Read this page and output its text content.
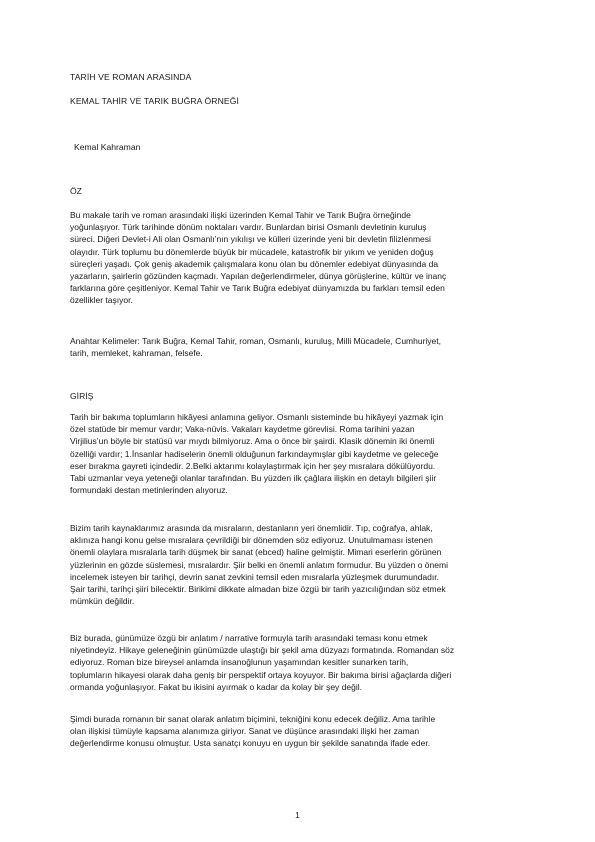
TARİH VE ROMAN ARASINDA
KEMAL TAHİR VE TARIK BUĞRA ÖRNEĞİ
Kemal Kahraman
ÖZ
Bu makale tarih ve roman arasındaki ilişki üzerinden Kemal Tahir ve Tarık Buğra örneğinde
yoğunlaşıyor. Türk tarihinde dönüm noktaları vardır. Bunlardan birisi Osmanlı devletinin kuruluş
süreci. Diğeri Devlet-i Ali olan Osmanlı’nın yıkılışı ve külleri üzerinde yeni bir devletin filizlenmesi
olayıdır. Türk toplumu bu dönemlerde büyük bir mücadele, katastrofik bir yıkım ve yeniden doğuş
süreçleri yaşadı. Çok geniş akademik çalışmalara konu olan bu dönemler edebiyat dünyasında da
yazarların, şairlerin gözünden kaçmadı. Yapılan değerlendirmeler, dünya görüşlerine, kültür ve inanç
farklarına göre çeşitleniyor. Kemal Tahir ve Tarık Buğra edebiyat dünyamızda bu farkları temsil eden
özellikler taşıyor.
Anahtar Kelimeler: Tarık Buğra, Kemal Tahir, roman, Osmanlı, kuruluş, Milli Mücadele, Cumhuriyet,
tarih, memleket, kahraman, felsefe.
GİRİŞ
Tarih bir bakıma toplumların hikâyesi anlamına geliyor. Osmanlı sisteminde bu hikâyeyi yazmak için
özel statüde bir memur vardır; Vaka-nüvis. Vakaları kaydetme görevlisi. Roma tarihini yazan
Virjilius’un böyle bir statüsü var mıydı bilmiyoruz. Ama o önce bir şairdi. Klasik dönemin iki önemli
özelliği vardır; 1.İnsanlar hadiselerin önemli olduğunun farkındaymışlar gibi kaydetme ve geleceğe
eser bırakma gayreti içindedir. 2.Belki aktarımı kolaylaştırmak için her şey mısralara dökülüyordu.
Tabi uzmanlar veya yeteneği olanlar tarafından. Bu yüzden ilk çağlara ilişkin en detaylı bilgileri şiir
formundaki destan metinlerinden alıyoruz.
Bizim tarih kaynaklarımız arasında da mısraların, destanların yeri önemlidir. Tıp, coğrafya, ahlak,
aklınıza hangi konu gelse mısralara çevrildiği bir dönemden söz ediyoruz. Unutulmaması istenen
önemli olaylara mısralarla tarih düşmek bir sanat (ebced) haline gelmiştir. Mimari eserlerin görünen
yüzlerinin en gözde süslemesi, mısralardır. Şiir belki en önemli anlatım formudur. Bu yüzden o önemi
incelemek isteyen bir tarihçi, devrin sanat zevkini temsil eden mısralarla yüzleşmek durumundadır.
Şair tarihi, tarihçi şiiri bilecektir. Birikimi dikkate almadan bize özgü bir tarih yazıcılığından söz etmek
mümkün değildir.
Biz burada, günümüze özgü bir anlatım / narrative formuyla tarih arasındaki teması konu etmek
niyetindeyiz. Hikaye geleneğinin günümüzde ulaştığı bir şekil ama düzyazı formatında. Romandan söz
ediyoruz. Roman bize bireysel anlamda insanoğlunun yaşamından kesitler sunarken tarih,
toplumların hikayesi olarak daha geniş bir perspektif ortaya koyuyor. Bir bakıma birisi ağaçlarda diğeri
ormanda yoğunlaşıyor. Fakat bu ikisini ayırmak o kadar da kolay bir şey değil.
Şimdi burada romanın bir sanat olarak anlatım biçimini, tekniğini konu edecek değiliz. Ama tarihle
olan ilişkisi tümüyle kapsama alanımıza giriyor. Sanat ve düşünce arasındaki ilişki her zaman
değerlendirme konusu olmuştur. Usta sanatçı konuyu en uygun bir şekilde sanatında ifade eder.
1
